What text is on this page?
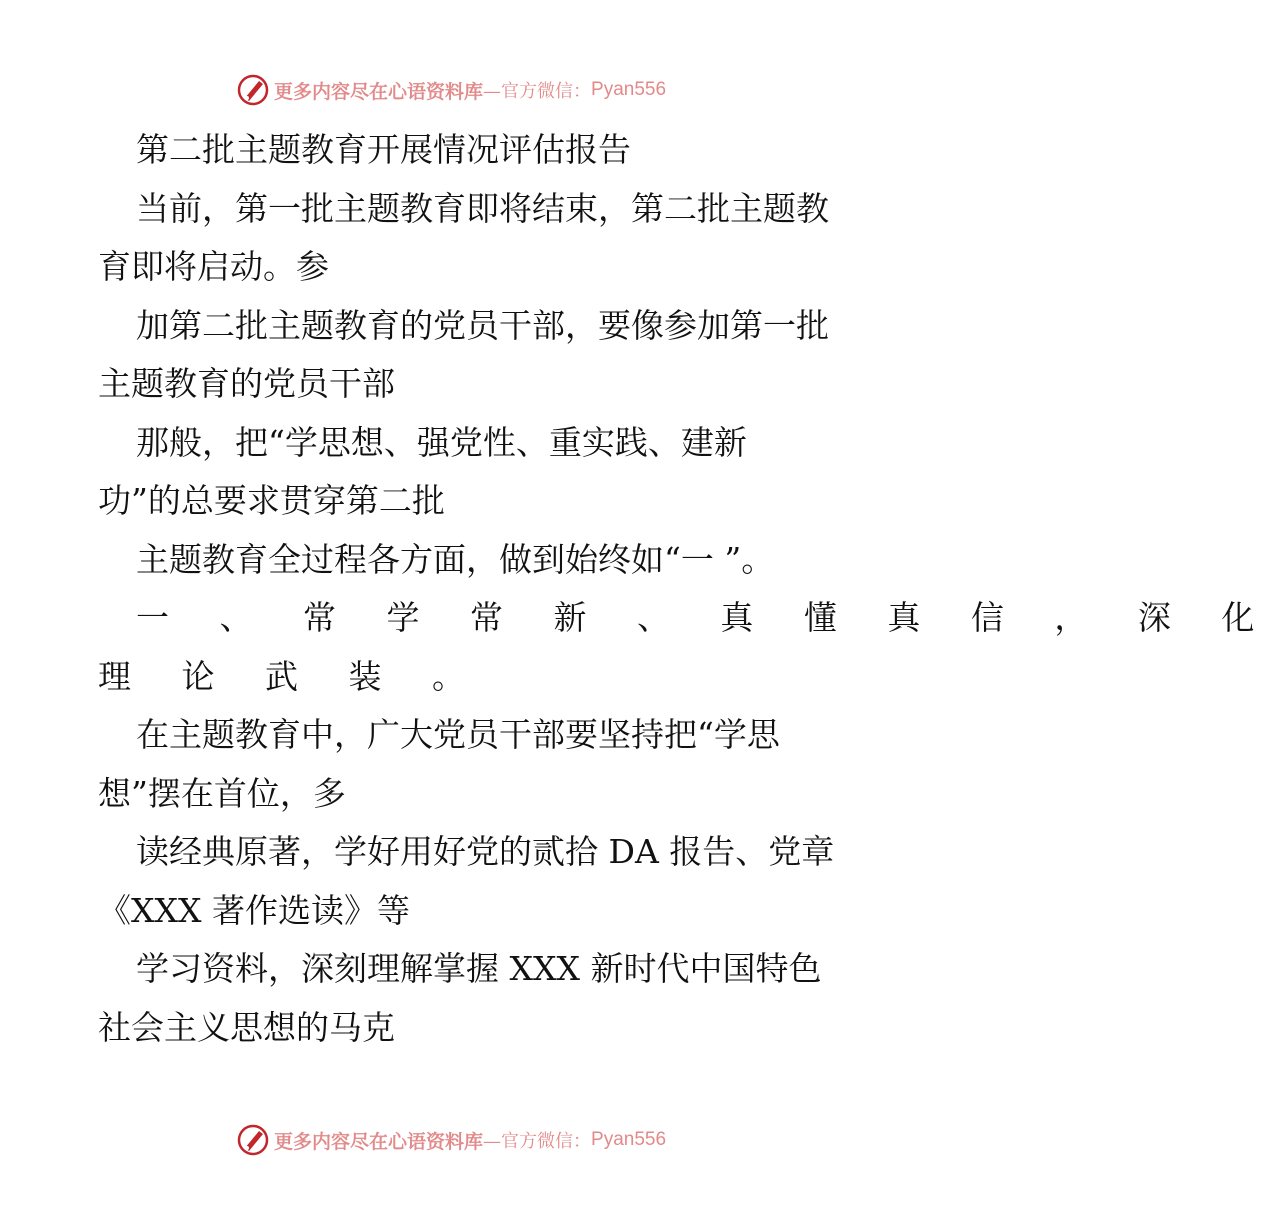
更多内容尽在心语资料库 —官方微信： Pyan556
第二批主题教育开展情况评估报告
当前，第一批主题教育即将结束，第二批主题教
育即将启动。参
加第二批主题教育的党员干部，要像参加第一批
主题教育的党员干部
那般，把“学思想、强党性、重实践、建新
功”的总要求贯穿第二批
主题教育全过程各方面，做到始终如“一 ”。
一 、 常 学 常 新 、 真 懂 真 信 ， 深 化
理 论 武 装 。
在主题教育中，广大党员干部要坚持把“学思
想”摆在首位，多
读经典原著，学好用好党的贰拾 DA 报告、党章
《XXX 著作选读》等
学习资料，深刻理解掌握 XXX 新时代中国特色
社会主义思想的马克
更多内容尽在心语资料库 —官方微信： Pyan556
